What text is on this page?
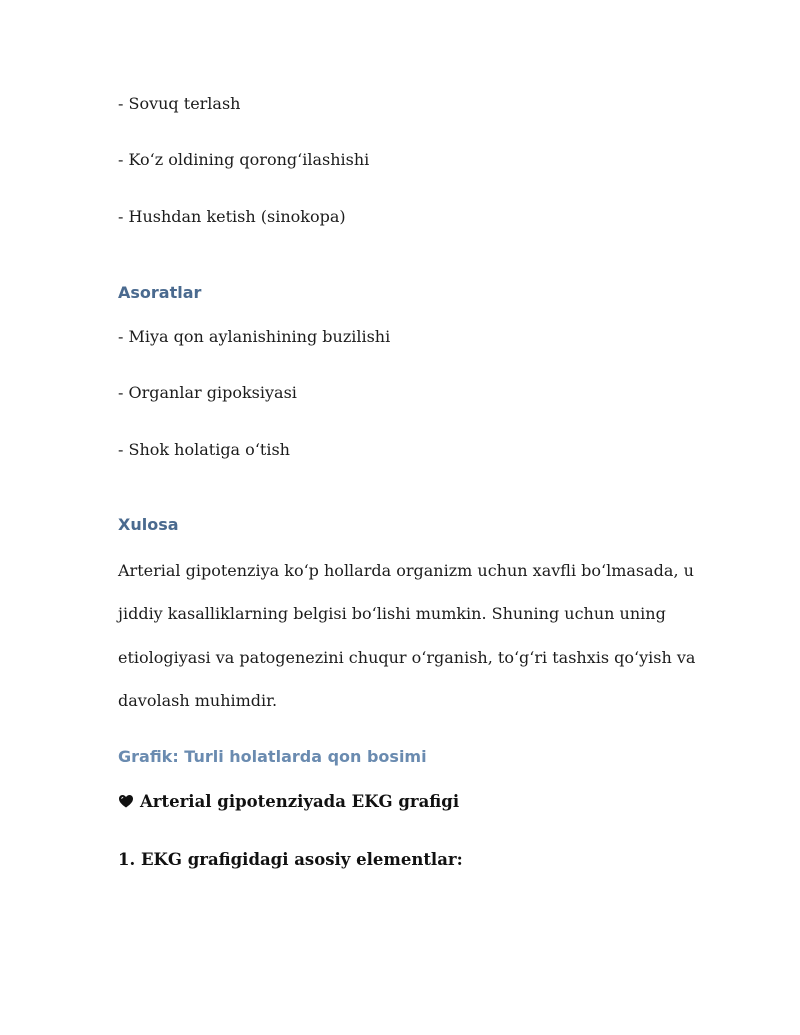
- Sovuq terlash
- Ko‘z oldining qorong‘ilashishi
- Hushdan ketish (sinokopa)
Asoratlar
- Miya qon aylanishining buzilishi
- Organlar gipoksiyasi
- Shok holatiga o‘tish
Xulosa
Arterial gipotenziya ko‘p hollarda organizm uchun xavfli bo‘lmasada, u
jiddiy kasalliklarning belgisi bo‘lishi mumkin. Shuning uchun uning
etiologiyasi va patogenezini chuqur o‘rganish, to‘g‘ri tashxis qo‘yish va
davolash muhimdir.
Grafik: Turli holatlarda qon bosimi
Arterial gipotenziyada EKG grafigi
1. EKG grafigidagi asosiy elementlar:
